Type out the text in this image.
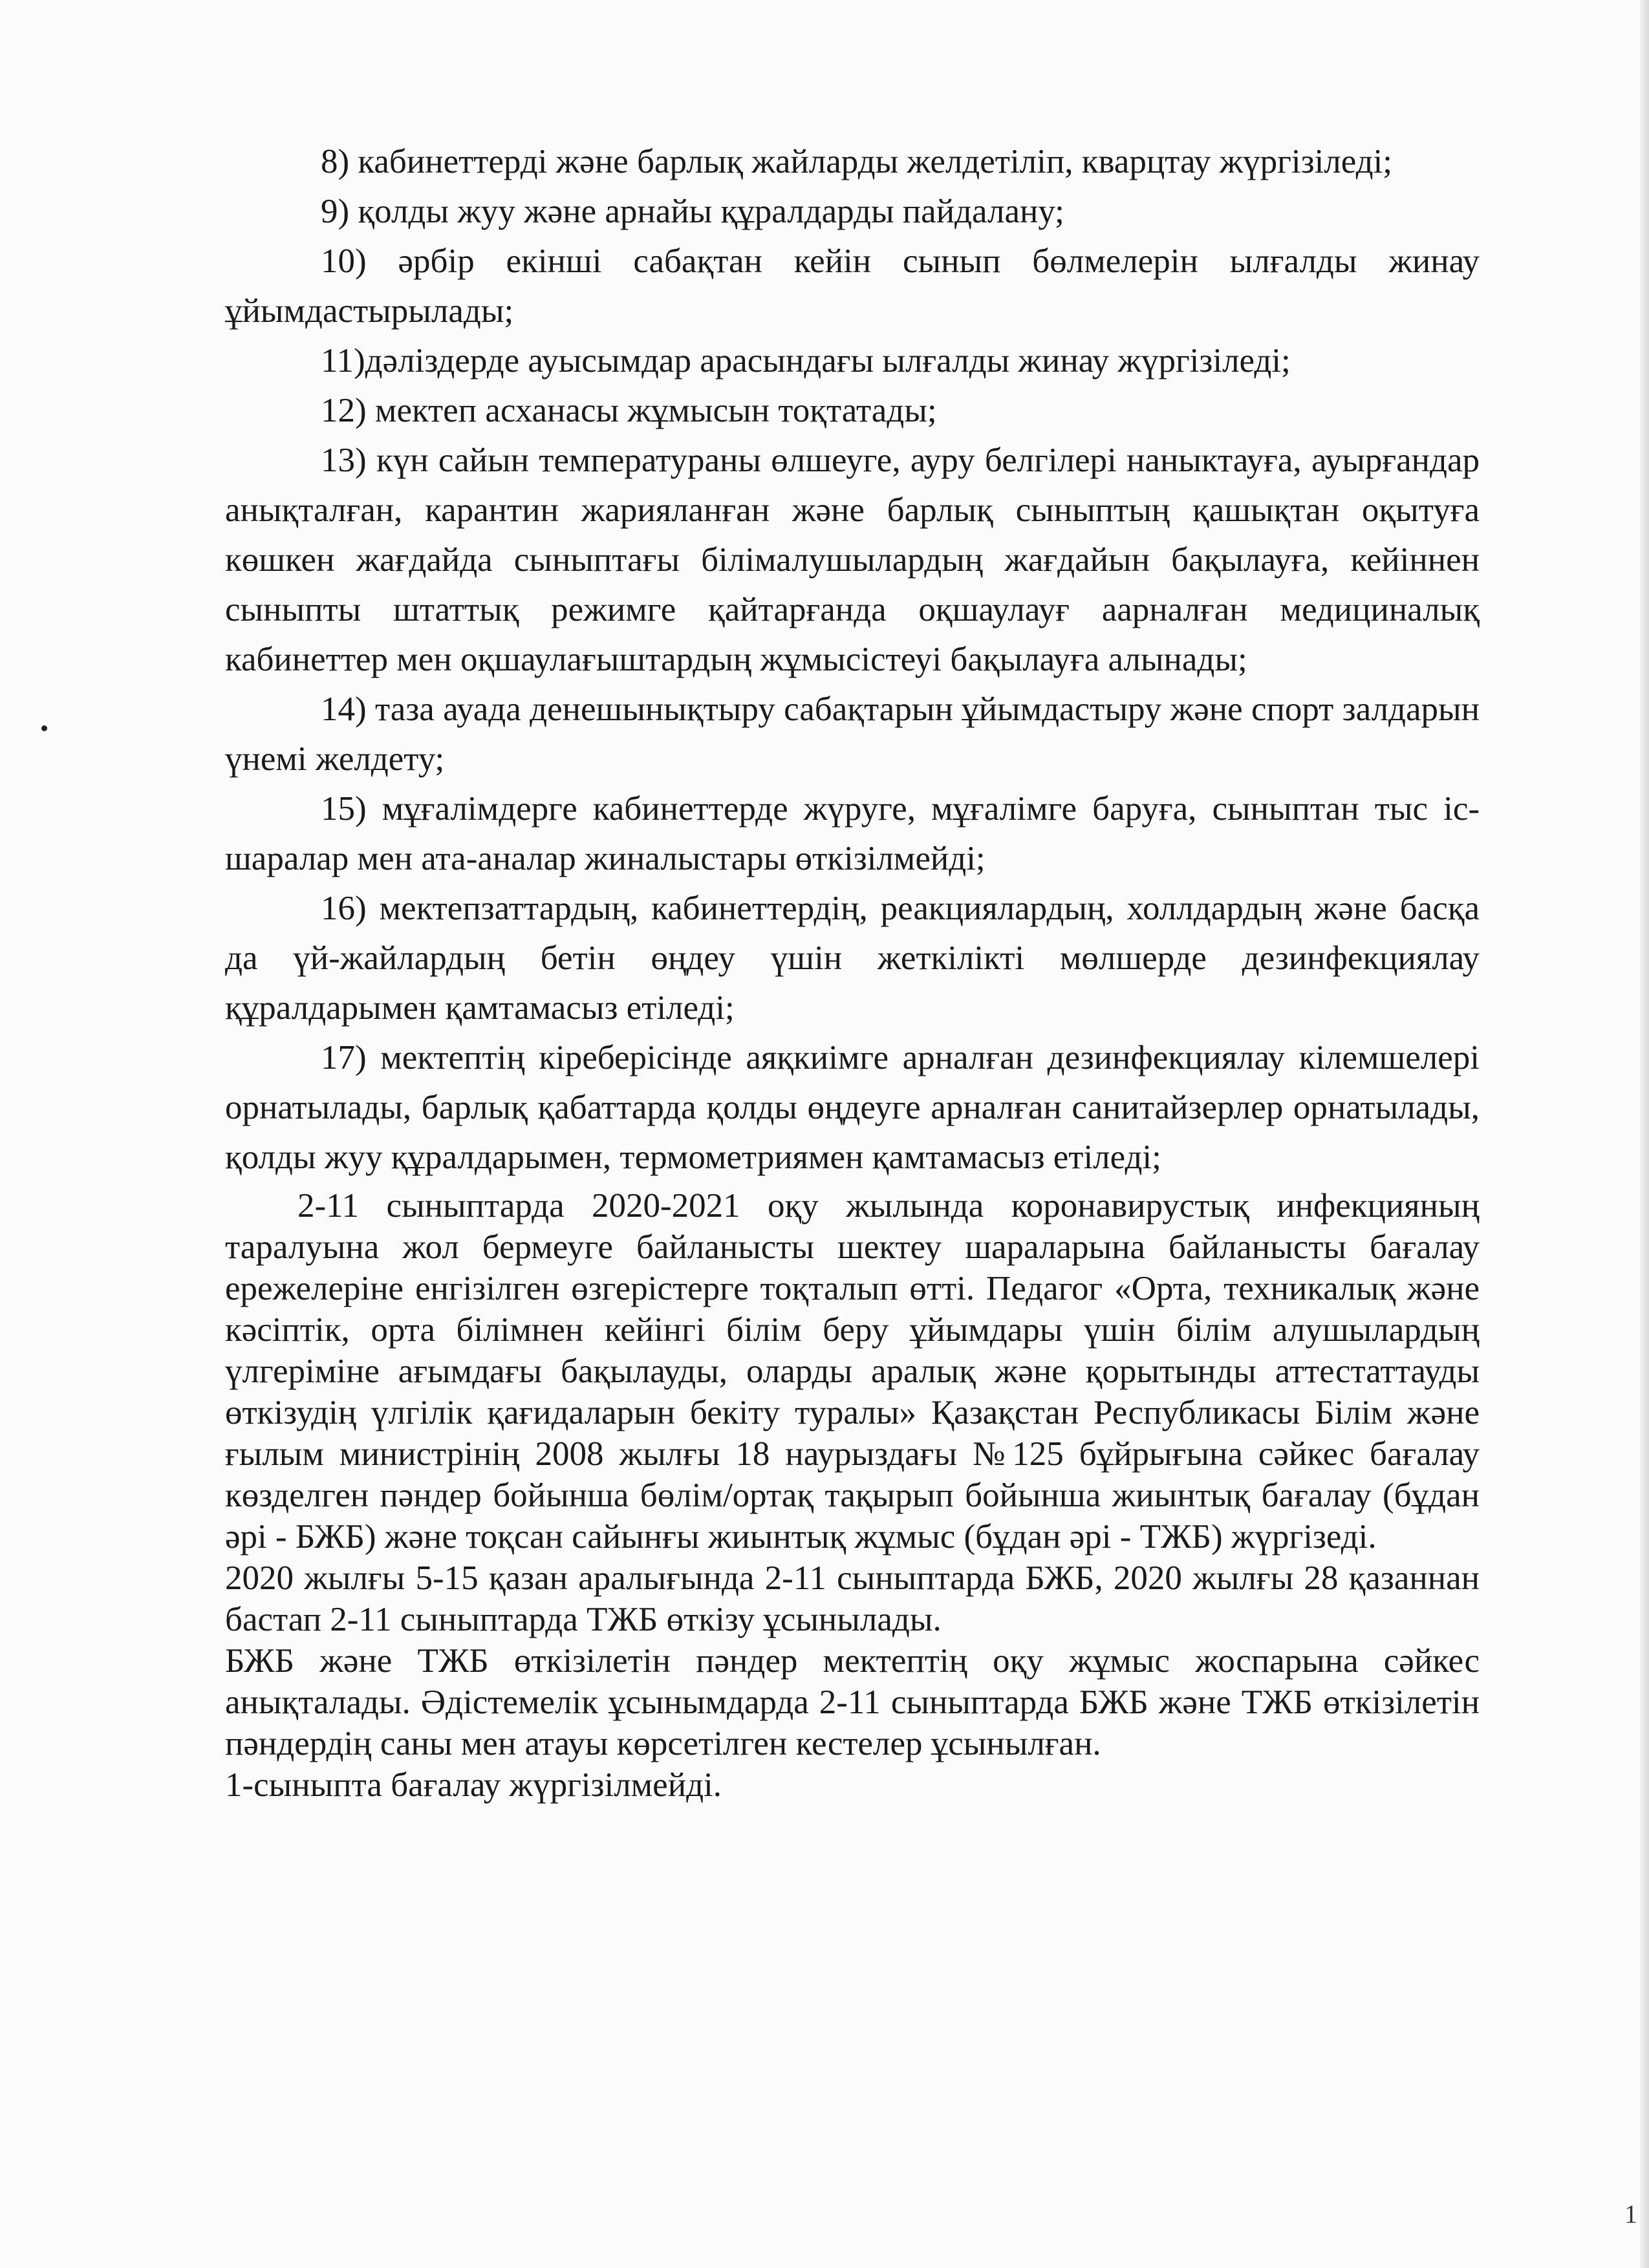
8) кабинеттерді және барлық жайларды желдетіліп, кварцтау жүргізіледі;

9) қолды жуу және арнайы құралдарды пайдалану;

10) әрбір екінші сабақтан кейін сынып бөлмелерін ылғалды жинау ұйымдастырылады;

11)дәліздерде ауысымдар арасындағы ылғалды жинау жүргізіледі;

12) мектеп асханасы жұмысын тоқтатады;

13) күн сайын температураны өлшеуге, ауру белгілері наныктауға, ауырғандар анықталған, карантин жарияланған және барлық сыныптың қашықтан оқытуға көшкен жағдайда сыныптағы білімалушылардың жағдайын бақылауға, кейіннен сыныпты штаттық режимге қайтарғанда оқшаулауғ аарналған медициналық кабинеттер мен оқшаулағыштардың жұмысістеуі бақылауға алынады;

14) таза ауада денешынықтыру сабақтарын ұйымдастыру және спорт залдарын үнемі желдету;

15) мұғалімдерге кабинеттерде жүруге, мұғалімге баруға, сыныптан тыс іс-шаралар мен ата-аналар жиналыстары өткізілмейді;

16) мектепзаттардың, кабинеттердің, реакциялардың, холлдардың және басқа да үй-жайлардың бетін өңдеу үшін жеткілікті мөлшерде дезинфекциялау құралдарымен қамтамасыз етіледі;

17) мектептің кіреберісінде аяқкиімге арналған дезинфекциялау кілемшелері орнатылады, барлық қабаттарда қолды өңдеуге арналған санитайзерлер орнатылады, қолды жуу құралдарымен, термометриямен қамтамасыз етіледі;

2-11 сыныптарда 2020-2021 оқу жылында коронавирустық инфекцияның таралуына жол бермеуге байланысты шектеу шараларына байланысты бағалау ережелеріне енгізілген өзгерістерге тоқталып өтті. Педагог «Орта, техникалық және кәсіптік, орта білімнен кейінгі білім беру ұйымдары үшін білім алушылардың үлгеріміне ағымдағы бақылауды, оларды аралық және қорытынды аттестаттауды өткізудің үлгілік қағидаларын бекіту туралы» Қазақстан Республикасы Білім және ғылым министрінің 2008 жылғы 18 наурыздағы №125 бұйрығына сәйкес бағалау көзделген пәндер бойынша бөлім/ортақ тақырып бойынша жиынтық бағалау (бұдан әрі - БЖБ) және тоқсан сайынғы жиынтық жұмыс (бұдан әрі - ТЖБ) жүргізеді.

2020 жылғы 5-15 қазан аралығында 2-11 сыныптарда БЖБ, 2020 жылғы 28 қазаннан бастап 2-11 сыныптарда ТЖБ өткізу ұсынылады.

БЖБ және ТЖБ өткізілетін пәндер мектептің оқу жұмыс жоспарына сәйкес анықталады. Әдістемелік ұсынымдарда 2-11 сыныптарда БЖБ және ТЖБ өткізілетін пәндердің саны мен атауы көрсетілген кестелер ұсынылған.

1-сыныпта бағалау жүргізілмейді.

1
